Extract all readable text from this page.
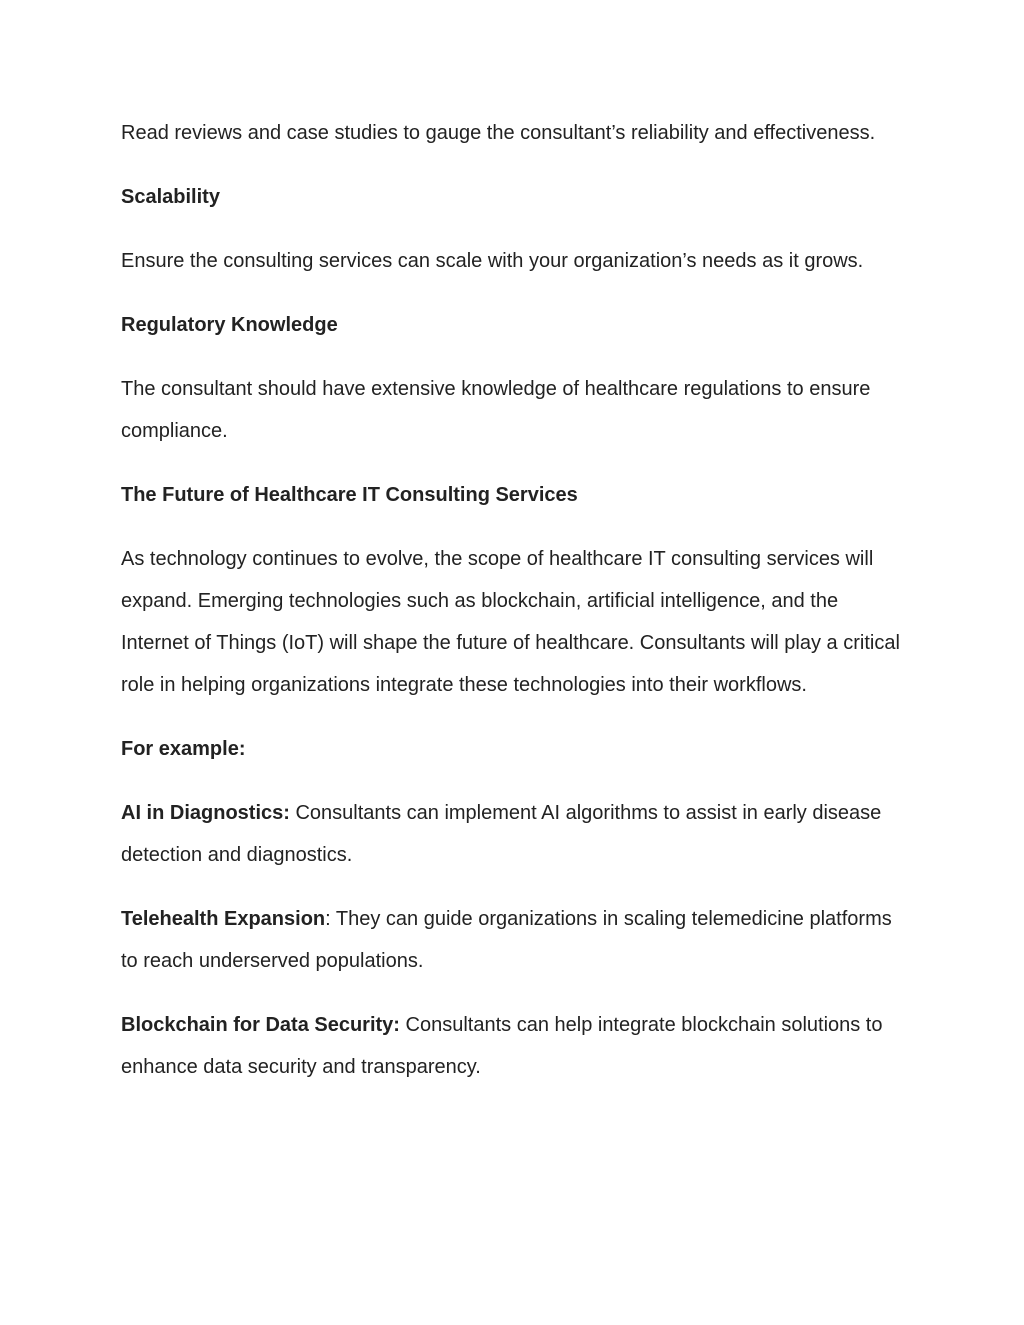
Read reviews and case studies to gauge the consultant’s reliability and effectiveness.

Scalability

Ensure the consulting services can scale with your organization’s needs as it grows.

Regulatory Knowledge

The consultant should have extensive knowledge of healthcare regulations to ensure compliance.

The Future of Healthcare IT Consulting Services

As technology continues to evolve, the scope of healthcare IT consulting services will expand. Emerging technologies such as blockchain, artificial intelligence, and the Internet of Things (IoT) will shape the future of healthcare. Consultants will play a critical role in helping organizations integrate these technologies into their workflows.

For example:

AI in Diagnostics: Consultants can implement AI algorithms to assist in early disease detection and diagnostics.

Telehealth Expansion: They can guide organizations in scaling telemedicine platforms to reach underserved populations.

Blockchain for Data Security: Consultants can help integrate blockchain solutions to enhance data security and transparency.
